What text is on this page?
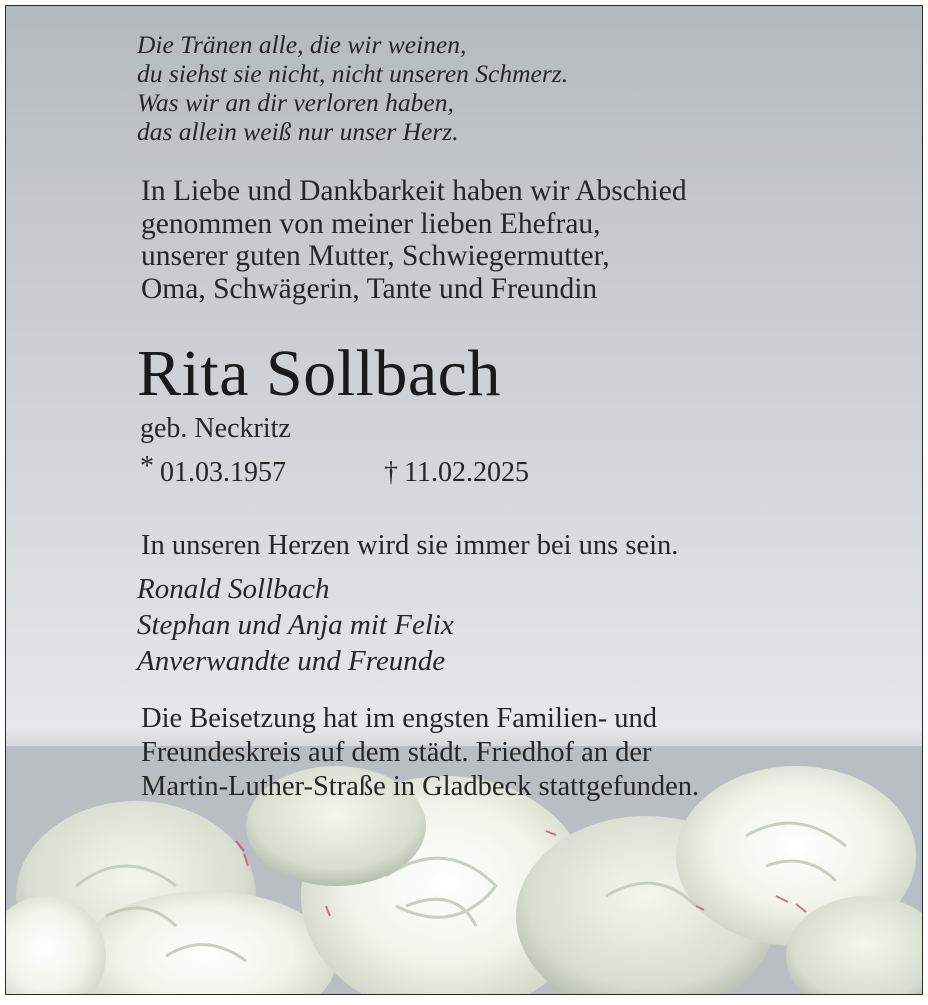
Die Tränen alle, die wir weinen,
du siehst sie nicht, nicht unseren Schmerz.
Was wir an dir verloren haben,
das allein weiß nur unser Herz.
In Liebe und Dankbarkeit haben wir Abschied
genommen von meiner lieben Ehefrau,
unserer guten Mutter, Schwiegermutter,
Oma, Schwägerin, Tante und Freundin
Rita Sollbach
geb. Neckritz
* 01.03.1957	† 11.02.2025
In unseren Herzen wird sie immer bei uns sein.
Ronald Sollbach
Stephan und Anja mit Felix
Anverwandte und Freunde
Die Beisetzung hat im engsten Familien- und
Freundeskreis auf dem städt. Friedhof an der
Martin-Luther-Straße in Gladbeck stattgefunden.
